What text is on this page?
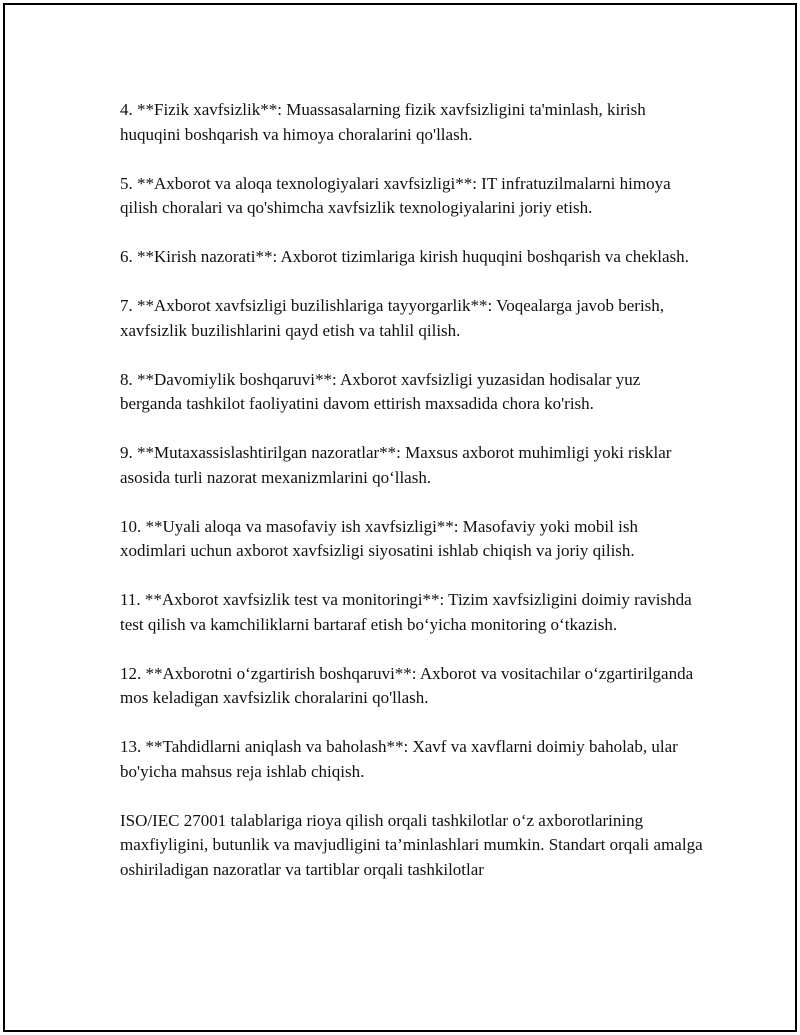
4. **Fizik xavfsizlik**: Muassasalarning fizik xavfsizligini ta'minlash, kirish huquqini boshqarish va himoya choralarini qo'llash.

5. **Axborot va aloqa texnologiyalari xavfsizligi**: IT infratuzilmalarni himoya qilish choralari va qo'shimcha xavfsizlik texnologiyalarini joriy etish.

6. **Kirish nazorati**: Axborot tizimlariga kirish huquqini boshqarish va cheklash.

7. **Axborot xavfsizligi buzilishlariga tayyorgarlik**: Voqealarga javob berish, xavfsizlik buzilishlarini qayd etish va tahlil qilish.

8. **Davomiylik boshqaruvi**: Axborot xavfsizligi yuzasidan hodisalar yuz berganda tashkilot faoliyatini davom ettirish maxsadida chora ko'rish.

9. **Mutaxassislashtirilgan nazoratlar**: Maxsus axborot muhimligi yoki risklar asosida turli nazorat mexanizmlarini qo‘llash.

10. **Uyali aloqa va masofaviy ish xavfsizligi**: Masofaviy yoki mobil ish xodimlari uchun axborot xavfsizligi siyosatini ishlab chiqish va joriy qilish.

11. **Axborot xavfsizlik test va monitoringi**: Tizim xavfsizligini doimiy ravishda test qilish va kamchiliklarni bartaraf etish bo‘yicha monitoring o‘tkazish.

12. **Axborotni o‘zgartirish boshqaruvi**: Axborot va vositachilar o‘zgartirilganda mos keladigan xavfsizlik choralarini qo'llash.

13. **Tahdidlarni aniqlash va baholash**: Xavf va xavflarni doimiy baholab, ular bo'yicha mahsus reja ishlab chiqish.

ISO/IEC 27001 talablariga rioya qilish orqali tashkilotlar o‘z axborotlarining maxfiyligini, butunlik va mavjudligini ta’minlashlari mumkin. Standart orqali amalga oshiriladigan nazoratlar va tartiblar orqali tashkilotlar
